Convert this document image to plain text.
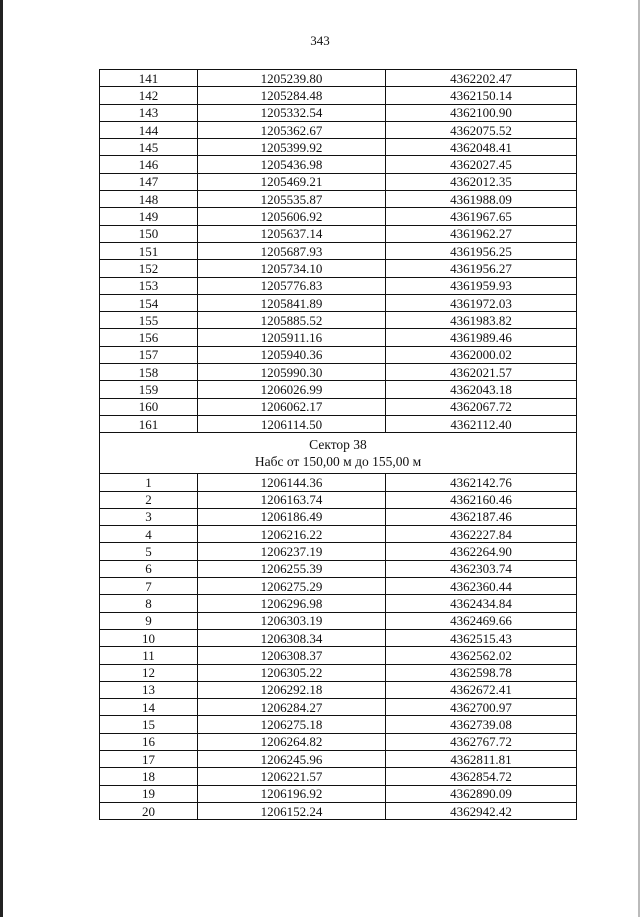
343
141	1205239.80	4362202.47
142	1205284.48	4362150.14
143	1205332.54	4362100.90
144	1205362.67	4362075.52
145	1205399.92	4362048.41
146	1205436.98	4362027.45
147	1205469.21	4362012.35
148	1205535.87	4361988.09
149	1205606.92	4361967.65
150	1205637.14	4361962.27
151	1205687.93	4361956.25
152	1205734.10	4361956.27
153	1205776.83	4361959.93
154	1205841.89	4361972.03
155	1205885.52	4361983.82
156	1205911.16	4361989.46
157	1205940.36	4362000.02
158	1205990.30	4362021.57
159	1206026.99	4362043.18
160	1206062.17	4362067.72
161	1206114.50	4362112.40

Сектор 38
Набс от 150,00 м до 155,00 м		

1	1206144.36	4362142.76
2	1206163.74	4362160.46
3	1206186.49	4362187.46
4	1206216.22	4362227.84
5	1206237.19	4362264.90
6	1206255.39	4362303.74
7	1206275.29	4362360.44
8	1206296.98	4362434.84
9	1206303.19	4362469.66
10	1206308.34	4362515.43
11	1206308.37	4362562.02
12	1206305.22	4362598.78
13	1206292.18	4362672.41
14	1206284.27	4362700.97
15	1206275.18	4362739.08
16	1206264.82	4362767.72
17	1206245.96	4362811.81
18	1206221.57	4362854.72
19	1206196.92	4362890.09
20	1206152.24	4362942.42
